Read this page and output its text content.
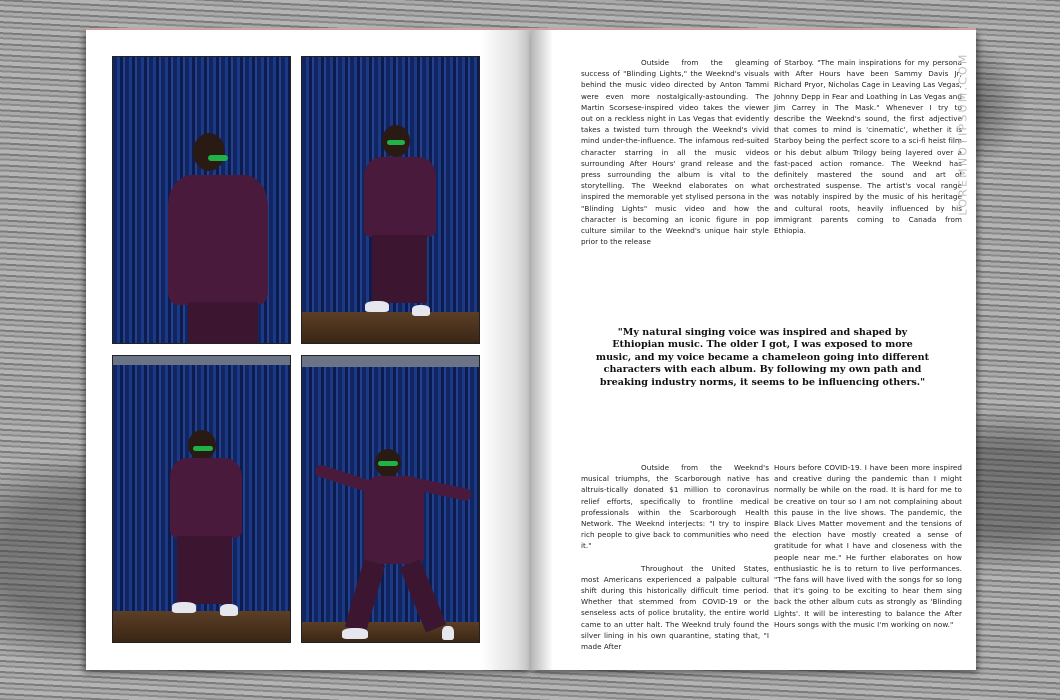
Outside from the gleaming success of "Blinding Lights," the Weeknd's visuals behind the music video directed by Anton Tammi were even more nostalgically-astounding. The Martin Scorsese-inspired video takes the viewer out on a reckless night in Las Vegas that evidently takes a twisted turn through the Weeknd's vivid mind under-the-influence. The infamous red-suited character starring in all the music videos surrounding After Hours' grand release and the press surrounding the album is vital to the storytelling. The Weeknd elaborates on what inspired the memorable yet stylised persona in the "Blinding Lights" music video and how the character is becoming an iconic figure in pop culture similar to the Weeknd's unique hair style prior to the release

of Starboy. "The main inspirations for my persona with After Hours have been Sammy Davis Jr, Richard Pryor, Nicholas Cage in Leaving Las Vegas, Johnny Depp in Fear and Loathing in Las Vegas and Jim Carrey in The Mask." Whenever I try to describe the Weeknd's sound, the first adjective that comes to mind is 'cinematic', whether it is Starboy being the perfect score to a sci-fi heist film or his debut album Trilogy being layered over a fast-paced action romance. The Weeknd has definitely mastered the sound and art of orchestrated suspense. The artist's vocal range was notably inspired by the music of his heritage and cultural roots, heavily influenced by his immigrant parents coming to Canada from Ethiopia.

LOREMNOTIPSUM.COM
"My natural singing voice was inspired and shaped by Ethiopian music. The older I got, I was exposed to more music, and my voice became a chameleon going into different characters with each album. By following my own path and breaking industry norms, it seems to be influencing others."

Outside from the Weeknd's musical triumphs, the Scarborough native has altruis-tically donated $1 million to coronavirus relief efforts, specifically to frontline medical professionals within the Scarborough Health Network. The Weeknd interjects: "I try to inspire rich people to give back to communities who need it."

Throughout the United States, most Americans experienced a palpable cultural shift during this historically difficult time period. Whether that stemmed from COVID-19 or the senseless acts of police brutality, the entire world came to an utter halt. The Weeknd truly found the silver lining in his own quarantine, stating that, "I made After

Hours before COVID-19. I have been more inspired and creative during the pandemic than I might normally be while on the road. It is hard for me to be creative on tour so I am not complaining about this pause in the live shows. The pandemic, the Black Lives Matter movement and the tensions of the election have mostly created a sense of gratitude for what I have and closeness with the people near me." He further elaborates on how enthusiastic he is to return to live performances. "The fans will have lived with the songs for so long that it's going to be exciting to hear them sing back the other album cuts as strongly as 'Blinding Lights'. It will be interesting to balance the After Hours songs with the music I'm working on now."
